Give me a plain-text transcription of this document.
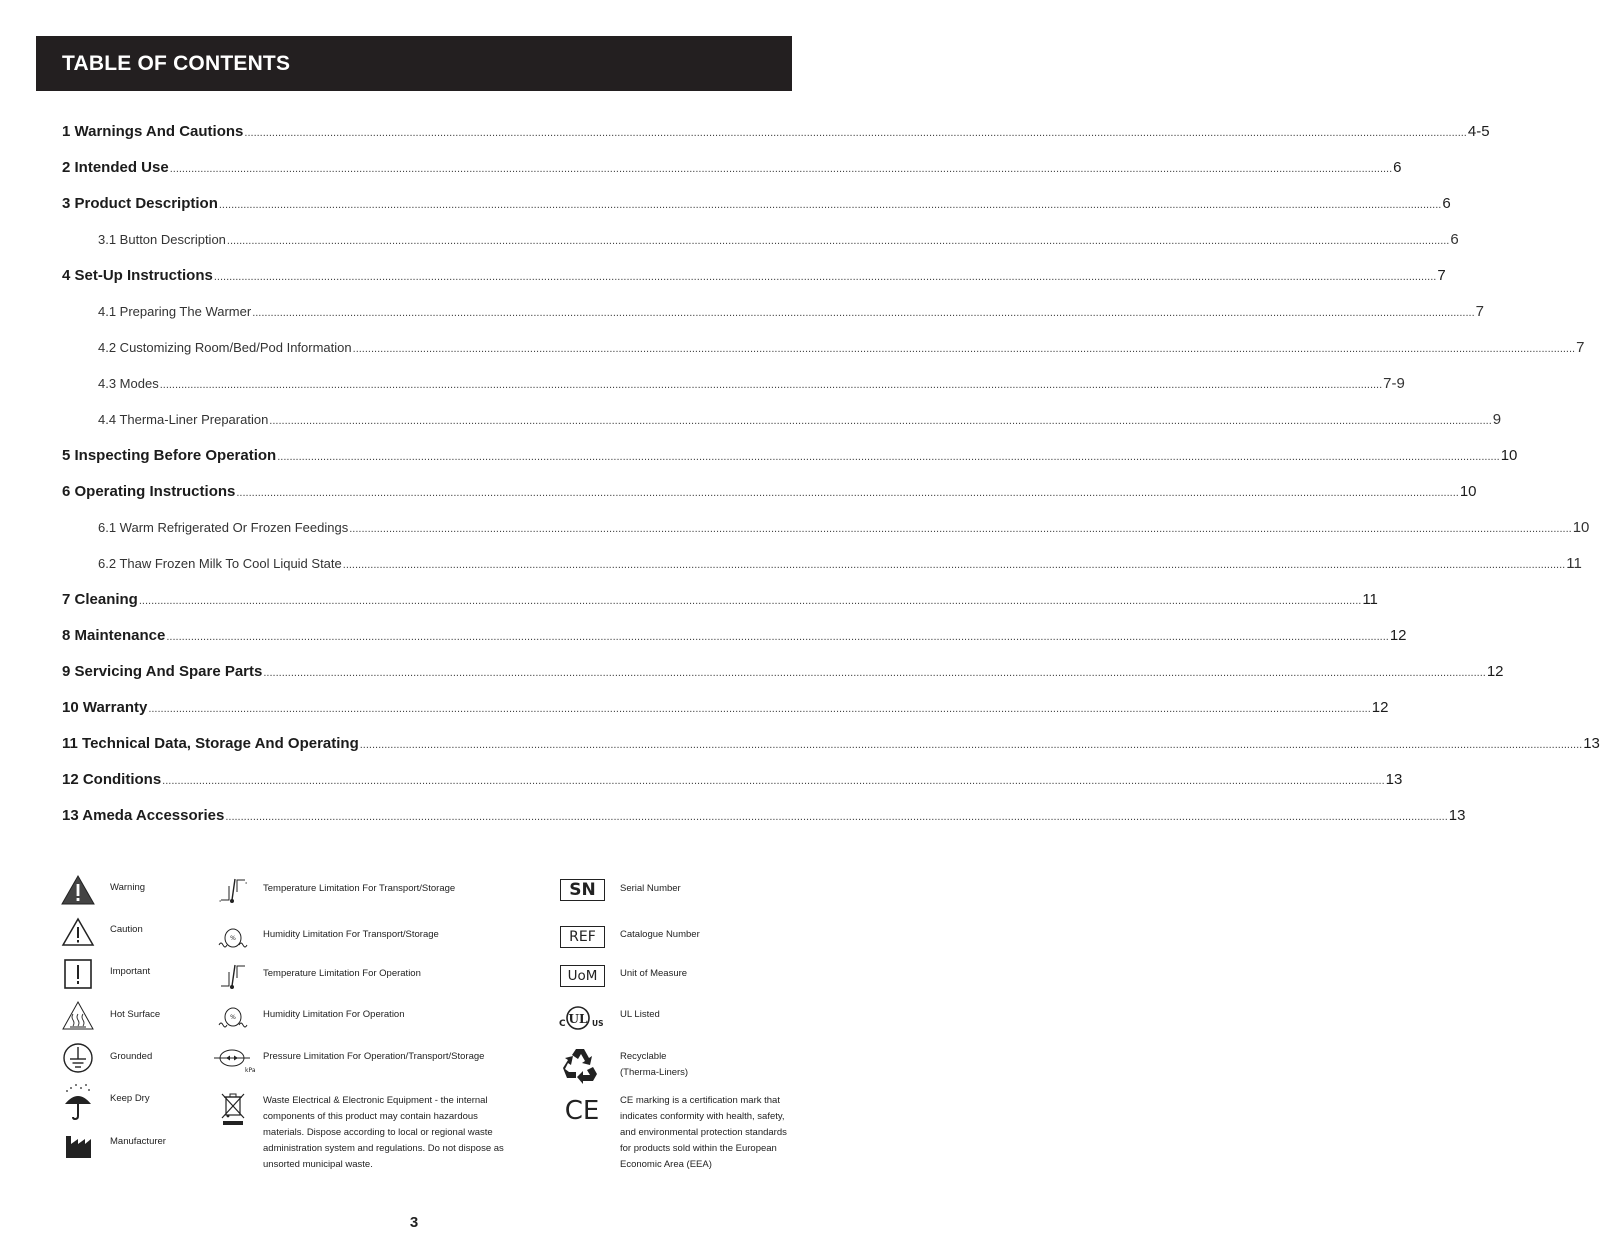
TABLE OF CONTENTS
1 Warnings And Cautions ................................................................................................................................................................................................................................................................................................................................................................................................................ 4-5
2 Intended Use ................................................................................................................................................................................................................................................................................................................................................................................................................ 6
3 Product Description ................................................................................................................................................................................................................................................................................................................................................................................................................ 6
3.1 Button Description ................................................................................................................................................................................................................................................................................................................................................................................................................ 6
4 Set-Up Instructions ................................................................................................................................................................................................................................................................................................................................................................................................................ 7
4.1 Preparing The Warmer ................................................................................................................................................................................................................................................................................................................................................................................................................ 7
4.2 Customizing Room/Bed/Pod Information ................................................................................................................................................................................................................................................................................................................................................................................................................ 7
4.3 Modes ................................................................................................................................................................................................................................................................................................................................................................................................................ 7-9
4.4 Therma-Liner Preparation ................................................................................................................................................................................................................................................................................................................................................................................................................ 9
5 Inspecting Before Operation ................................................................................................................................................................................................................................................................................................................................................................................................................ 10
6 Operating Instructions ................................................................................................................................................................................................................................................................................................................................................................................................................ 10
6.1 Warm Refrigerated Or Frozen Feedings ................................................................................................................................................................................................................................................................................................................................................................................................................ 10
6.2 Thaw Frozen Milk To Cool Liquid State ................................................................................................................................................................................................................................................................................................................................................................................................................ 11
7 Cleaning ................................................................................................................................................................................................................................................................................................................................................................................................................ 11
8 Maintenance ................................................................................................................................................................................................................................................................................................................................................................................................................ 12
9 Servicing And Spare Parts ................................................................................................................................................................................................................................................................................................................................................................................................................ 12
10 Warranty ................................................................................................................................................................................................................................................................................................................................................................................................................ 12
11 Technical Data, Storage And Operating ................................................................................................................................................................................................................................................................................................................................................................................................................ 13
12 Conditions ................................................................................................................................................................................................................................................................................................................................................................................................................ 13
13 Ameda Accessories ................................................................................................................................................................................................................................................................................................................................................................................................................ 13
Warning
Caution
Important
Hot Surface
Grounded
Keep Dry
Manufacturer
°
°
Temperature Limitation For Transport/Storage
%	Humidity Limitation For Transport/Storage
Temperature Limitation For Operation
%	Humidity Limitation For Operation
kPa
Pressure Limitation For Operation/Transport/Storage
Waste Electrical & Electronic Equipment - the internal components of this product may contain hazardous materials. Dispose according to local or regional waste administration system and regulations. Do not dispose as unsorted municipal waste.
SN	Serial Number
REF	Catalogue Number
UoM	Unit of Measure
C UL US
UL Listed
Recyclable
(Therma-Liners)
CE CE marking is a certification mark that indicates conformity with health, safety, and environmental protection standards for products sold within the European Economic Area (EEA)
3
